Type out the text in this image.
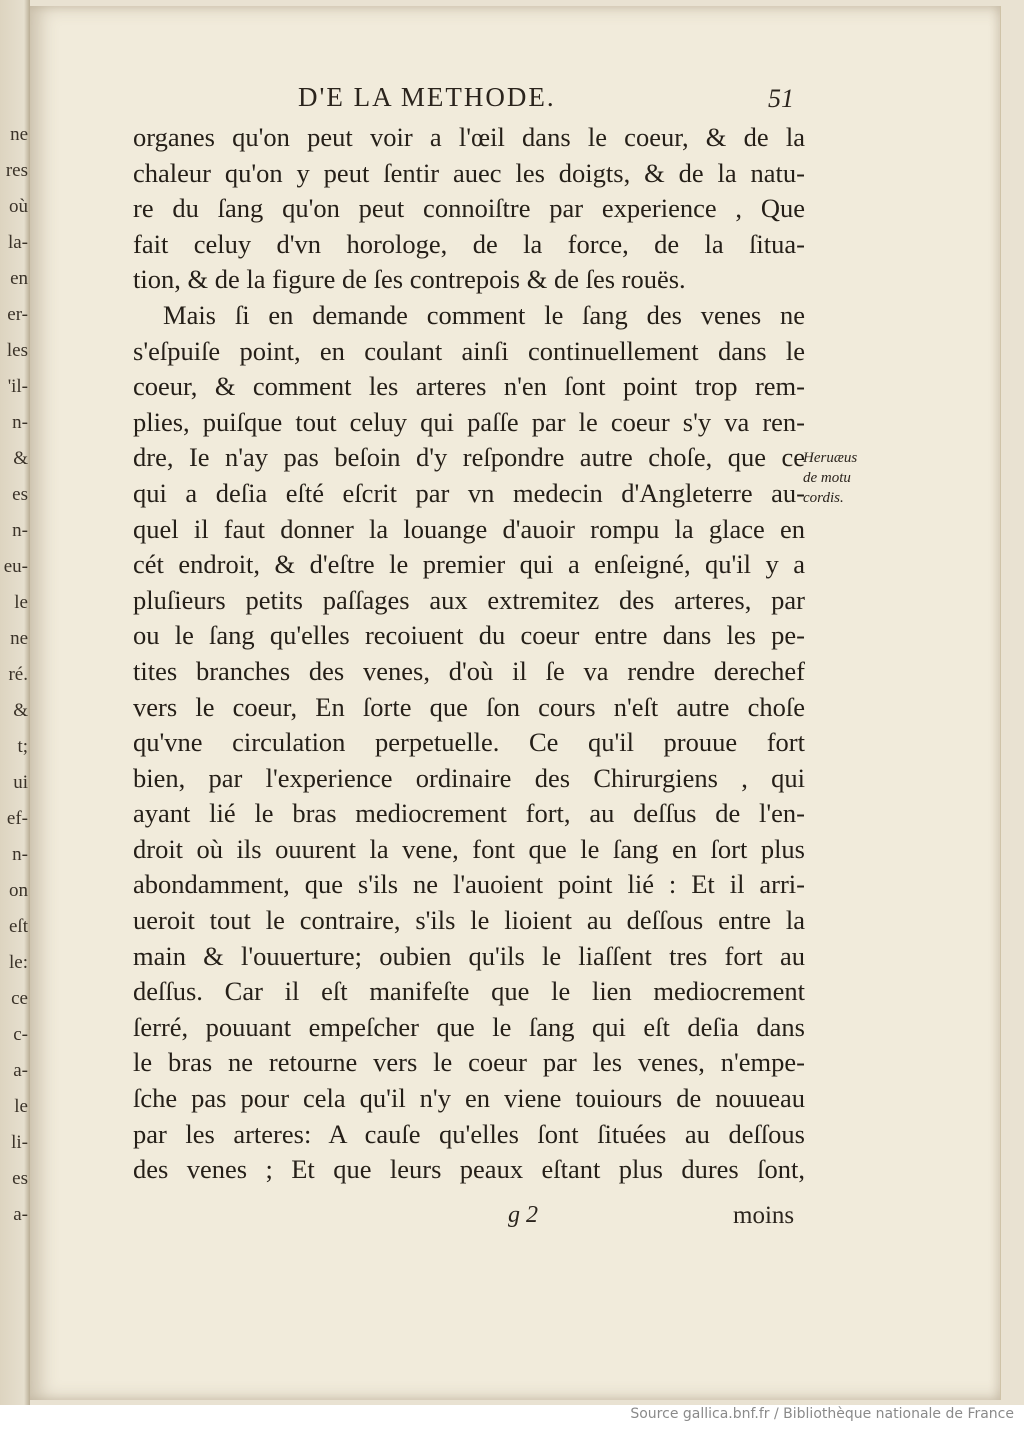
ne
res
où
la-
en
er-
les
'il-
n-
&
es
n-
eu-
le
ne
ré.
&
t;
ui
ef-
n-
on
eſt
le:
ce
c-
a-
le
li-
es
a-
D'E LA METHODE.	51
organes qu'on peut voir a l'œil dans le coeur, & de la
chaleur qu'on y peut ſentir auec les doigts, & de la natu-
re du ſang qu'on peut connoiſtre par experience , Que
fait celuy d'vn horologe, de la force, de la ſitua-
tion, & de la figure de ſes contrepois & de ſes rouës.
Mais ſi en demande comment le ſang des venes ne
s'eſpuiſe point, en coulant ainſi continuellement dans le
coeur, & comment les arteres n'en ſont point trop rem-
plies, puiſque tout celuy qui paſſe par le coeur s'y va ren-
dre, Ie n'ay pas beſoin d'y reſpondre autre choſe, que ce
qui a deſia eſté eſcrit par vn medecin d'Angleterre au-
quel il faut donner la louange d'auoir rompu la glace en
cét endroit, & d'eſtre le premier qui a enſeigné, qu'il y a
pluſieurs petits paſſages aux extremitez des arteres, par
ou le ſang qu'elles recoiuent du coeur entre dans les pe-
tites branches des venes, d'où il ſe va rendre derechef
vers le coeur, En ſorte que ſon cours n'eſt autre choſe
qu'vne circulation perpetuelle. Ce qu'il prouue fort
bien, par l'experience ordinaire des Chirurgiens , qui
ayant lié le bras mediocrement fort, au deſſus de l'en-
droit où ils ouurent la vene, font que le ſang en ſort plus
abondamment, que s'ils ne l'auoient point lié : Et il arri-
ueroit tout le contraire, s'ils le lioient au deſſous entre la
main & l'ouuerture; oubien qu'ils le liaſſent tres fort au
deſſus. Car il eſt manifeſte que le lien mediocrement
ſerré, pouuant empeſcher que le ſang qui eſt deſia dans
le bras ne retourne vers le coeur par les venes, n'empe-
ſche pas pour cela qu'il n'y en viene touiours de nouueau
par les arteres: A cauſe qu'elles ſont ſituées au deſſous
des venes ; Et que leurs peaux eſtant plus dures ſont,
Heruæus
de motu
cordis.
g 2	moins
Source gallica.bnf.fr / Bibliothèque nationale de France
